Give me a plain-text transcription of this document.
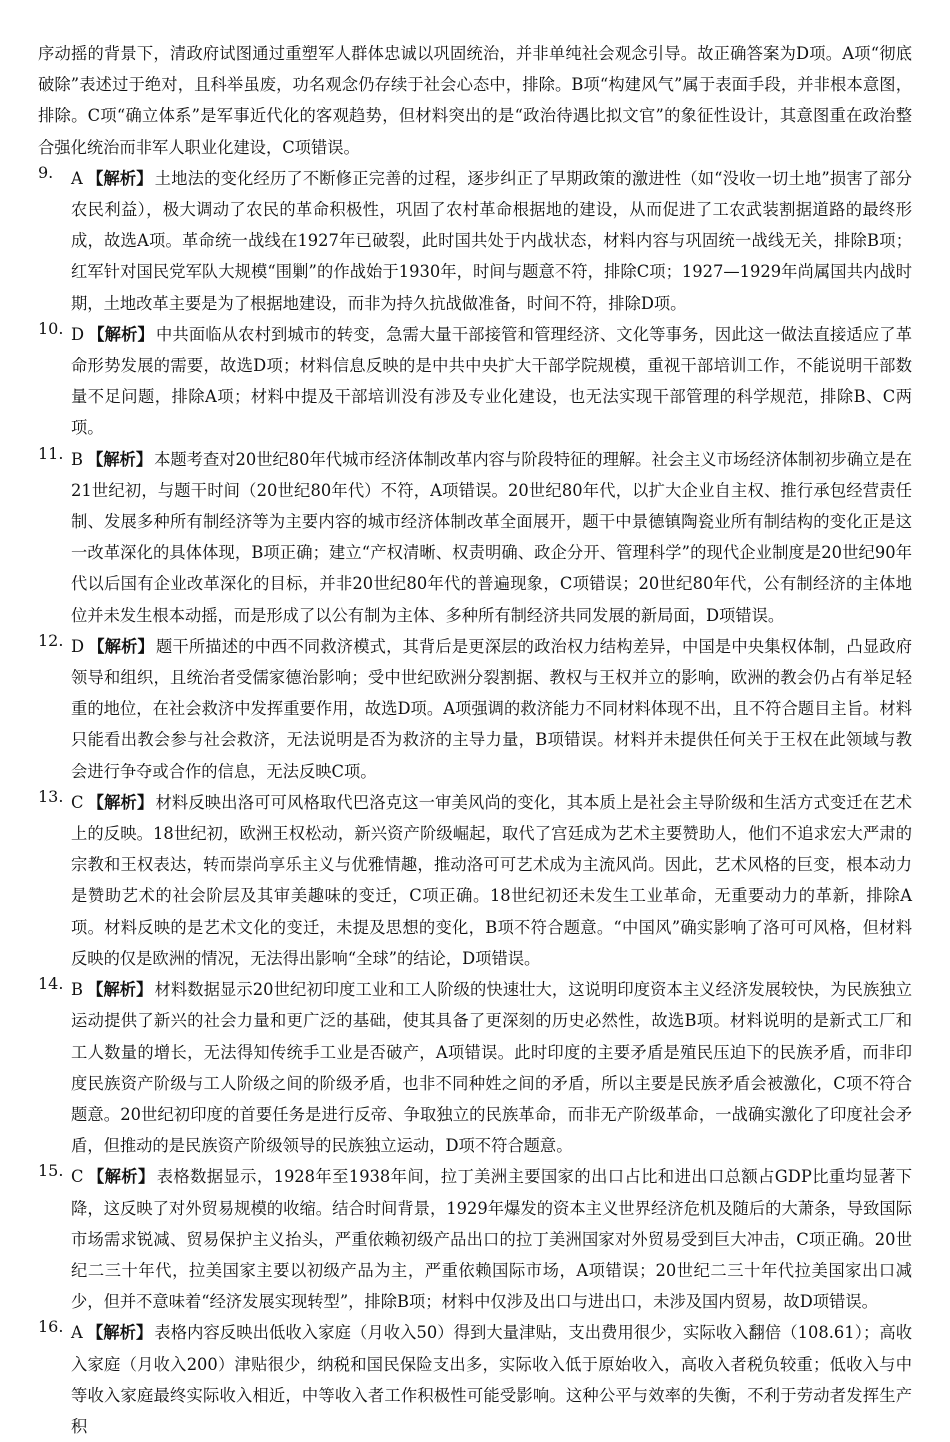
序动摇的背景下，清政府试图通过重塑军人群体忠诚以巩固统治，并非单纯社会观念引导。故正确答案为D项。A项“彻底破除”表述过于绝对，且科举虽废，功名观念仍存续于社会心态中，排除。B项“构建风气”属于表面手段，并非根本意图，排除。C项“确立体系”是军事近代化的客观趋势，但材料突出的是“政治待遇比拟文官”的象征性设计，其意图重在政治整合强化统治而非军人职业化建设，C项错误。

9. A 【解析】 土地法的变化经历了不断修正完善的过程，逐步纠正了早期政策的激进性（如“没收一切土地”损害了部分农民利益），极大调动了农民的革命积极性，巩固了农村革命根据地的建设，从而促进了工农武装割据道路的最终形成，故选A项。革命统一战线在1927年已破裂，此时国共处于内战状态，材料内容与巩固统一战线无关，排除B项；红军针对国民党军队大规模“围剿”的作战始于1930年，时间与题意不符，排除C项；1927—1929年尚属国共内战时期，土地改革主要是为了根据地建设，而非为持久抗战做准备，时间不符，排除D项。

10. D 【解析】 中共面临从农村到城市的转变，急需大量干部接管和管理经济、文化等事务，因此这一做法直接适应了革命形势发展的需要，故选D项；材料信息反映的是中共中央扩大干部学院规模，重视干部培训工作，不能说明干部数量不足问题，排除A项；材料中提及干部培训没有涉及专业化建设，也无法实现干部管理的科学规范，排除B、C两项。

11. B 【解析】 本题考查对20世纪80年代城市经济体制改革内容与阶段特征的理解。社会主义市场经济体制初步确立是在21世纪初，与题干时间（20世纪80年代）不符，A项错误。20世纪80年代，以扩大企业自主权、推行承包经营责任制、发展多种所有制经济等为主要内容的城市经济体制改革全面展开，题干中景德镇陶瓷业所有制结构的变化正是这一改革深化的具体体现，B项正确；建立“产权清晰、权责明确、政企分开、管理科学”的现代企业制度是20世纪90年代以后国有企业改革深化的目标，并非20世纪80年代的普遍现象，C项错误；20世纪80年代，公有制经济的主体地位并未发生根本动摇，而是形成了以公有制为主体、多种所有制经济共同发展的新局面，D项错误。

12. D 【解析】 题干所描述的中西不同救济模式，其背后是更深层的政治权力结构差异，中国是中央集权体制，凸显政府领导和组织，且统治者受儒家德治影响；受中世纪欧洲分裂割据、教权与王权并立的影响，欧洲的教会仍占有举足轻重的地位，在社会救济中发挥重要作用，故选D项。A项强调的救济能力不同材料体现不出，且不符合题目主旨。材料只能看出教会参与社会救济，无法说明是否为救济的主导力量，B项错误。材料并未提供任何关于王权在此领域与教会进行争夺或合作的信息，无法反映C项。

13. C 【解析】 材料反映出洛可可风格取代巴洛克这一审美风尚的变化，其本质上是社会主导阶级和生活方式变迁在艺术上的反映。18世纪初，欧洲王权松动，新兴资产阶级崛起，取代了宫廷成为艺术主要赞助人，他们不追求宏大严肃的宗教和王权表达，转而崇尚享乐主义与优雅情趣，推动洛可可艺术成为主流风尚。因此，艺术风格的巨变，根本动力是赞助艺术的社会阶层及其审美趣味的变迁，C项正确。18世纪初还未发生工业革命，无重要动力的革新，排除A项。材料反映的是艺术文化的变迁，未提及思想的变化，B项不符合题意。“中国风”确实影响了洛可可风格，但材料反映的仅是欧洲的情况，无法得出影响“全球”的结论，D项错误。

14. B 【解析】 材料数据显示20世纪初印度工业和工人阶级的快速壮大，这说明印度资本主义经济发展较快，为民族独立运动提供了新兴的社会力量和更广泛的基础，使其具备了更深刻的历史必然性，故选B项。材料说明的是新式工厂和工人数量的增长，无法得知传统手工业是否破产，A项错误。此时印度的主要矛盾是殖民压迫下的民族矛盾，而非印度民族资产阶级与工人阶级之间的阶级矛盾，也非不同种姓之间的矛盾，所以主要是民族矛盾会被激化，C项不符合题意。20世纪初印度的首要任务是进行反帝、争取独立的民族革命，而非无产阶级革命，一战确实激化了印度社会矛盾，但推动的是民族资产阶级领导的民族独立运动，D项不符合题意。

15. C 【解析】 表格数据显示，1928年至1938年间，拉丁美洲主要国家的出口占比和进出口总额占GDP比重均显著下降，这反映了对外贸易规模的收缩。结合时间背景，1929年爆发的资本主义世界经济危机及随后的大萧条，导致国际市场需求锐减、贸易保护主义抬头，严重依赖初级产品出口的拉丁美洲国家对外贸易受到巨大冲击，C项正确。20世纪二三十年代，拉美国家主要以初级产品为主，严重依赖国际市场，A项错误；20世纪二三十年代拉美国家出口减少，但并不意味着“经济发展实现转型”，排除B项；材料中仅涉及出口与进出口，未涉及国内贸易，故D项错误。

16. A 【解析】 表格内容反映出低收入家庭（月收入50）得到大量津贴，支出费用很少，实际收入翻倍（108.61）；高收入家庭（月收入200）津贴很少，纳税和国民保险支出多，实际收入低于原始收入，高收入者税负较重；低收入与中等收入家庭最终实际收入相近，中等收入者工作积极性可能受影响。这种公平与效率的失衡，不利于劳动者发挥生产积
